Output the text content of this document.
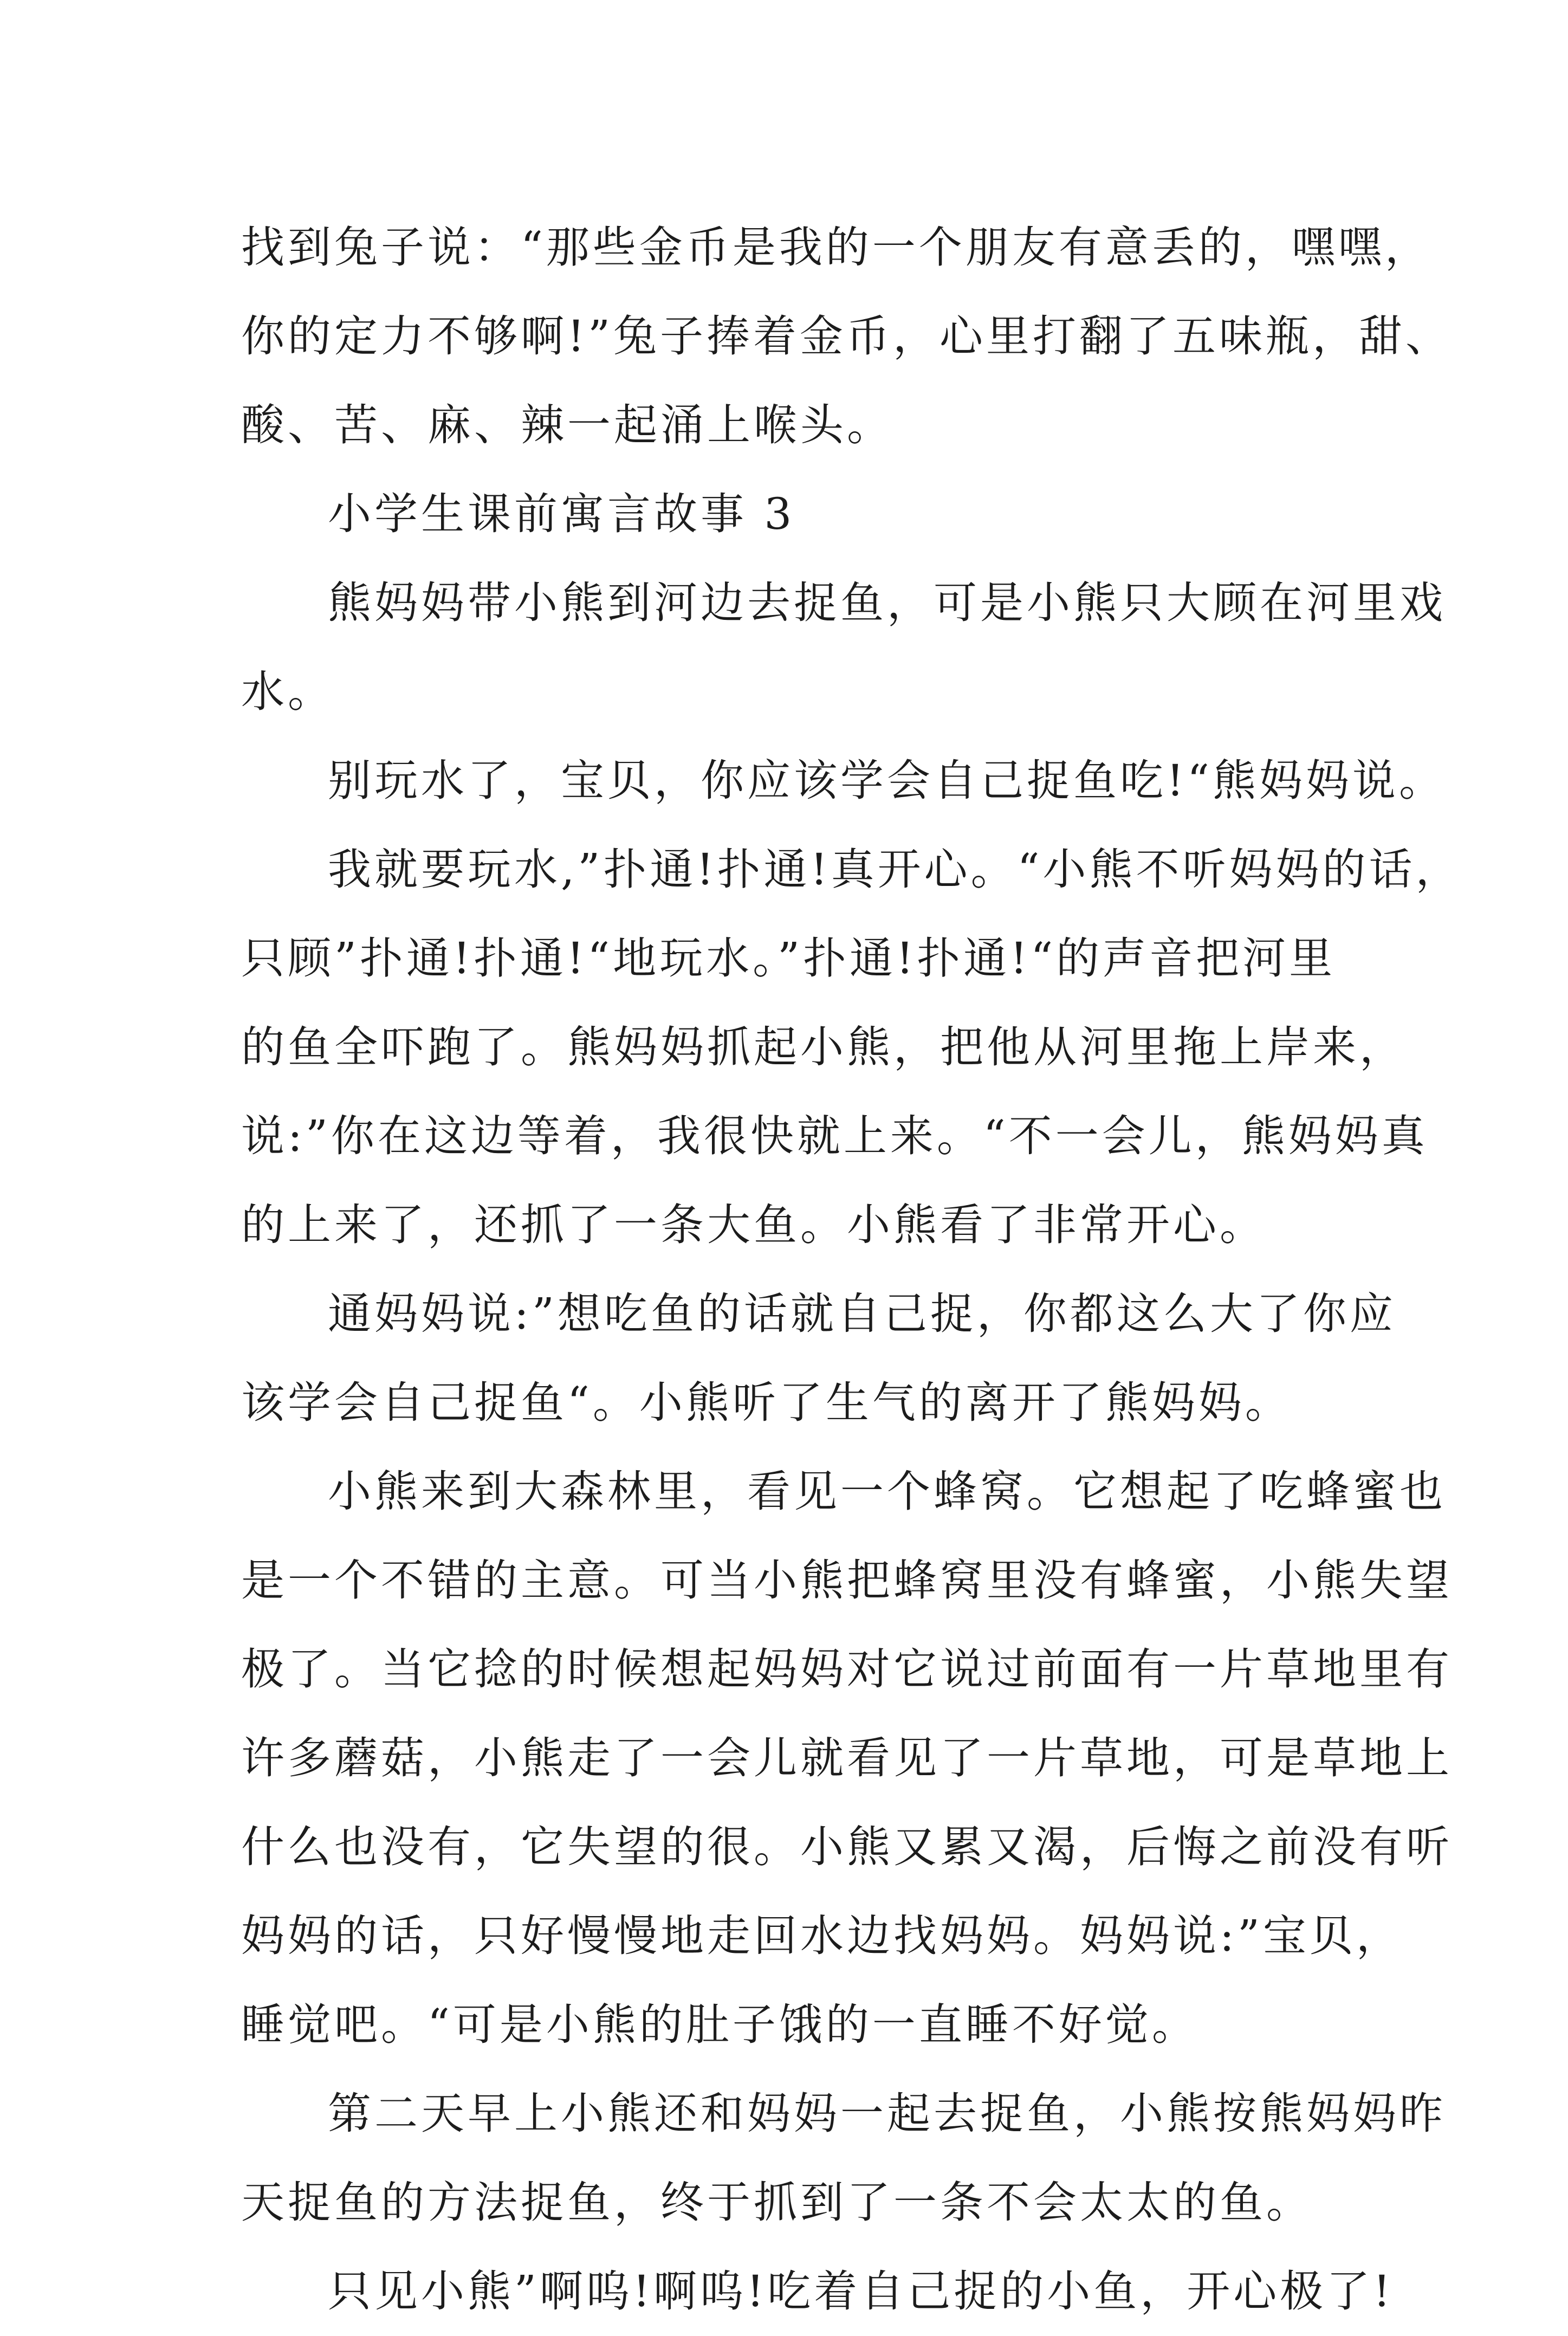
找到兔子说：“那些金币是我的一个朋友有意丢的，嘿嘿，
你的定力不够啊!”兔子捧着金币，心里打翻了五味瓶，甜、
酸、苦、麻、辣一起涌上喉头。
小学生课前寓言故事 3
熊妈妈带小熊到河边去捉鱼，可是小熊只大顾在河里戏
水。
别玩水了，宝贝，你应该学会自己捉鱼吃!“熊妈妈说。
我就要玩水,”扑通!扑通!真开心。“小熊不听妈妈的话，
只顾”扑通!扑通!“地玩水。”扑通!扑通!“的声音把河里
的鱼全吓跑了。熊妈妈抓起小熊，把他从河里拖上岸来，
说:”你在这边等着，我很快就上来。“不一会儿，熊妈妈真
的上来了，还抓了一条大鱼。小熊看了非常开心。
通妈妈说:”想吃鱼的话就自己捉，你都这么大了你应
该学会自己捉鱼“。小熊听了生气的离开了熊妈妈。
小熊来到大森林里，看见一个蜂窝。它想起了吃蜂蜜也
是一个不错的主意。可当小熊把蜂窝里没有蜂蜜，小熊失望
极了。当它捻的时候想起妈妈对它说过前面有一片草地里有
许多蘑菇，小熊走了一会儿就看见了一片草地，可是草地上
什么也没有，它失望的很。小熊又累又渴，后悔之前没有听
妈妈的话，只好慢慢地走回水边找妈妈。妈妈说:”宝贝，
睡觉吧。“可是小熊的肚子饿的一直睡不好觉。
第二天早上小熊还和妈妈一起去捉鱼，小熊按熊妈妈昨
天捉鱼的方法捉鱼，终于抓到了一条不会太太的鱼。
只见小熊”啊呜!啊呜!吃着自己捉的小鱼，开心极了!
